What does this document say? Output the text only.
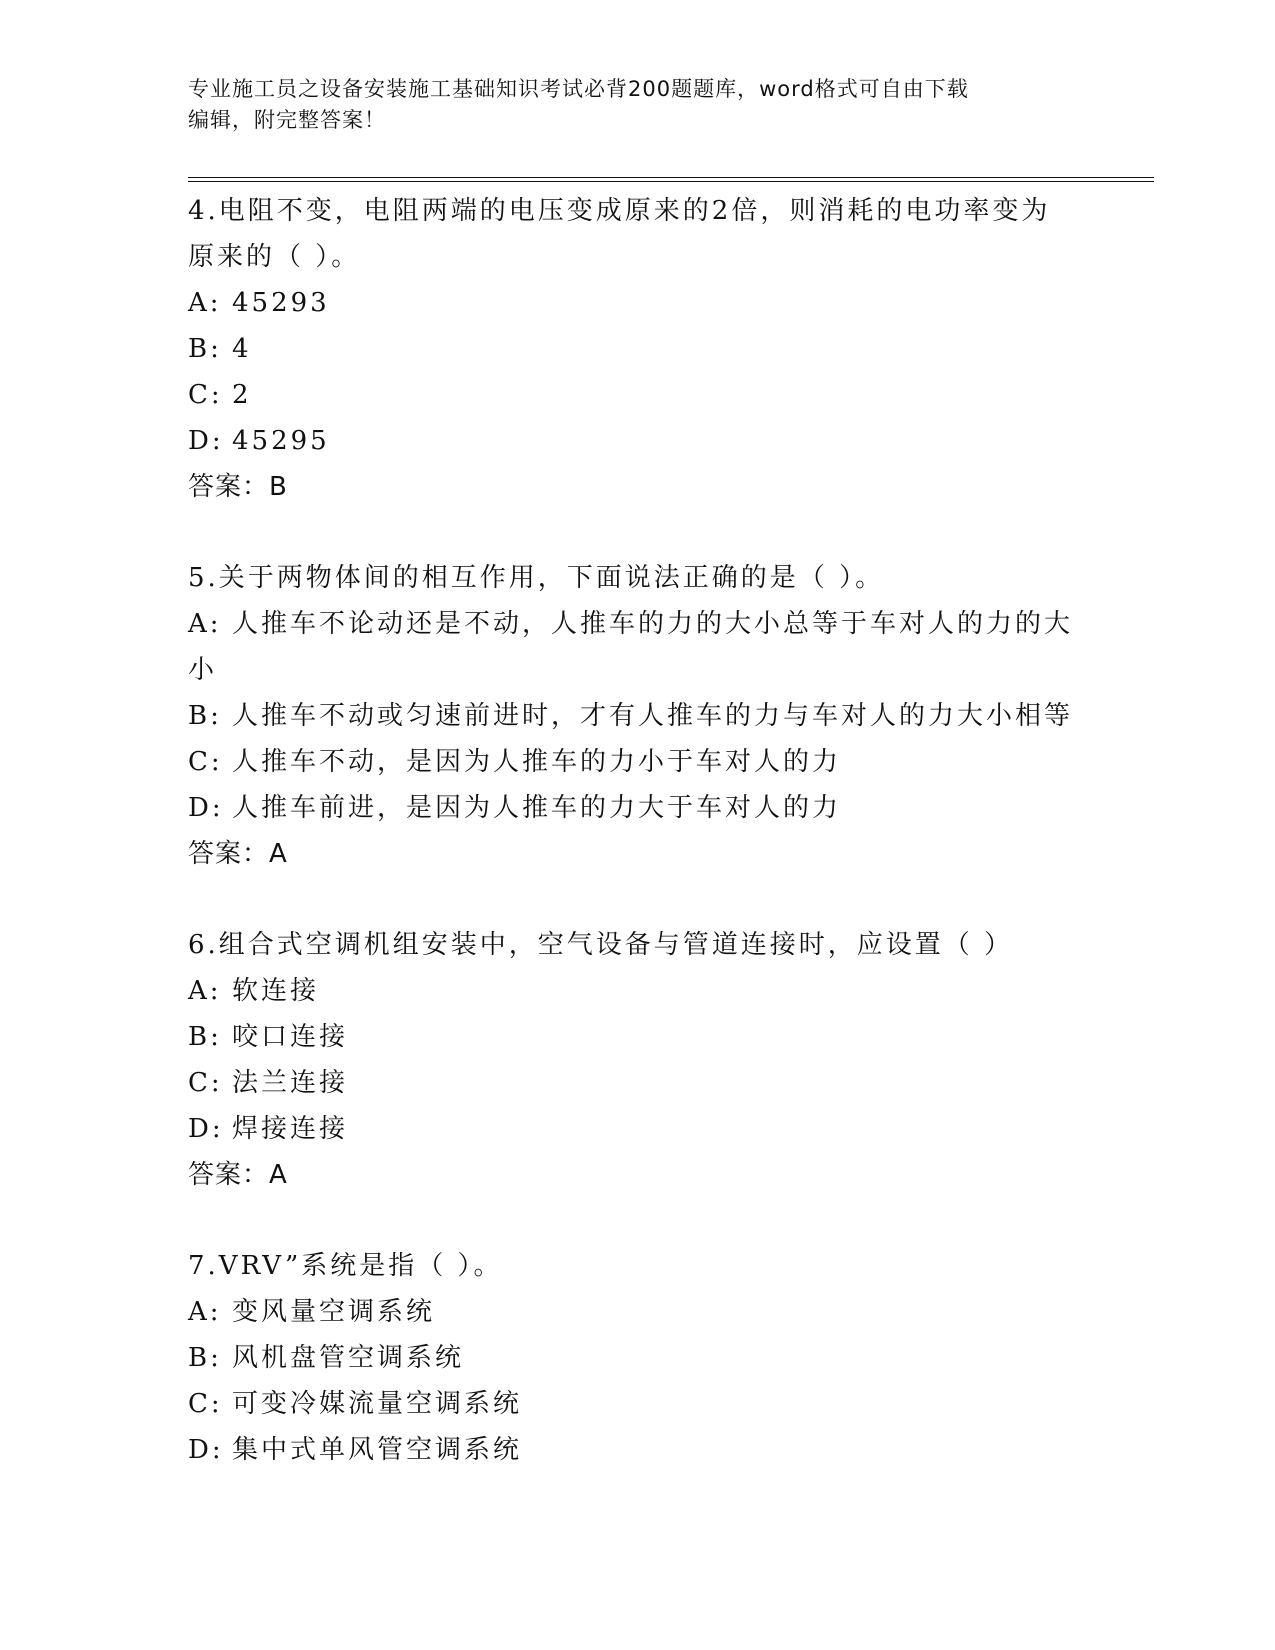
专业施工员之设备安装施工基础知识考试必背200题题库，word格式可自由下载
编辑，附完整答案！
4.电阻不变，电阻两端的电压变成原来的2倍，则消耗的电功率变为
原来的（ ）。
A: 45293
B: 4
C: 2
D: 45295
答案：B
5.关于两物体间的相互作用，下面说法正确的是（ ）。
A: 人推车不论动还是不动，人推车的力的大小总等于车对人的力的大
小
B: 人推车不动或匀速前进时，才有人推车的力与车对人的力大小相等
C: 人推车不动，是因为人推车的力小于车对人的力
D: 人推车前进，是因为人推车的力大于车对人的力
答案：A
6.组合式空调机组安装中，空气设备与管道连接时，应设置（ ）
A: 软连接
B: 咬口连接
C: 法兰连接
D: 焊接连接
答案：A
7.VRV”系统是指（ ）。
A: 变风量空调系统
B: 风机盘管空调系统
C: 可变冷媒流量空调系统
D: 集中式单风管空调系统
